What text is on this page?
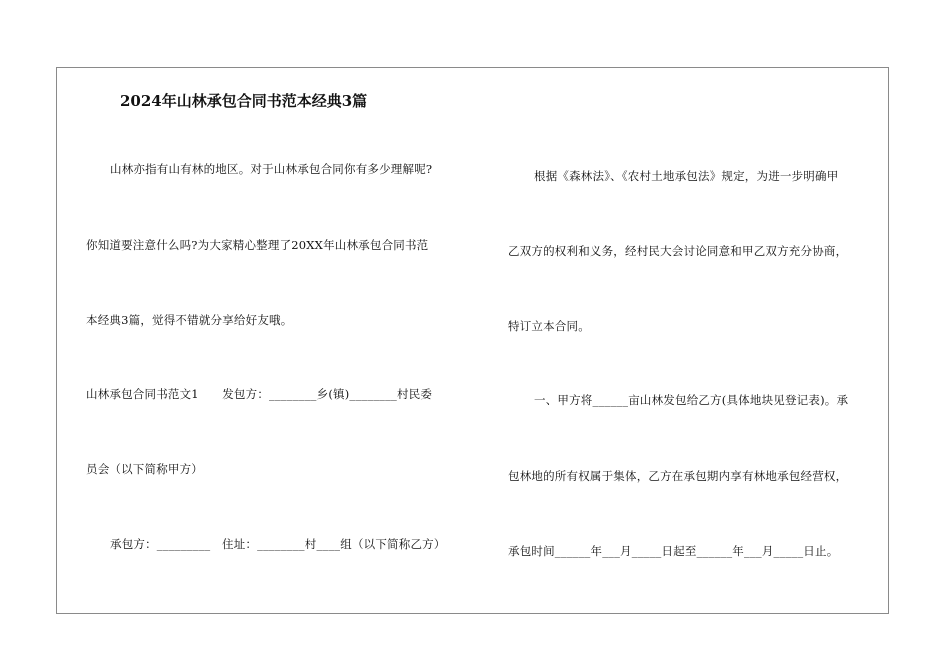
2024年山林承包合同书范本经典3篇
山林亦指有山有林的地区。对于山林承包合同你有多少理解呢?
你知道要注意什么吗?为大家精心整理了20XX年山林承包合同书范
本经典3篇，觉得不错就分享给好友哦。
山林承包合同书范文1　　发包方：________乡(镇)________村民委
员会（以下简称甲方）
承包方：_________　住址：________村____组（以下简称乙方）
根据《森林法》、《农村土地承包法》规定，为进一步明确甲
乙双方的权利和义务，经村民大会讨论同意和甲乙双方充分协商，
特订立本合同。
一、甲方将______亩山林发包给乙方(具体地块见登记表)。承
包林地的所有权属于集体，乙方在承包期内享有林地承包经营权，
承包时间______年___月_____日起至______年___月_____日止。
